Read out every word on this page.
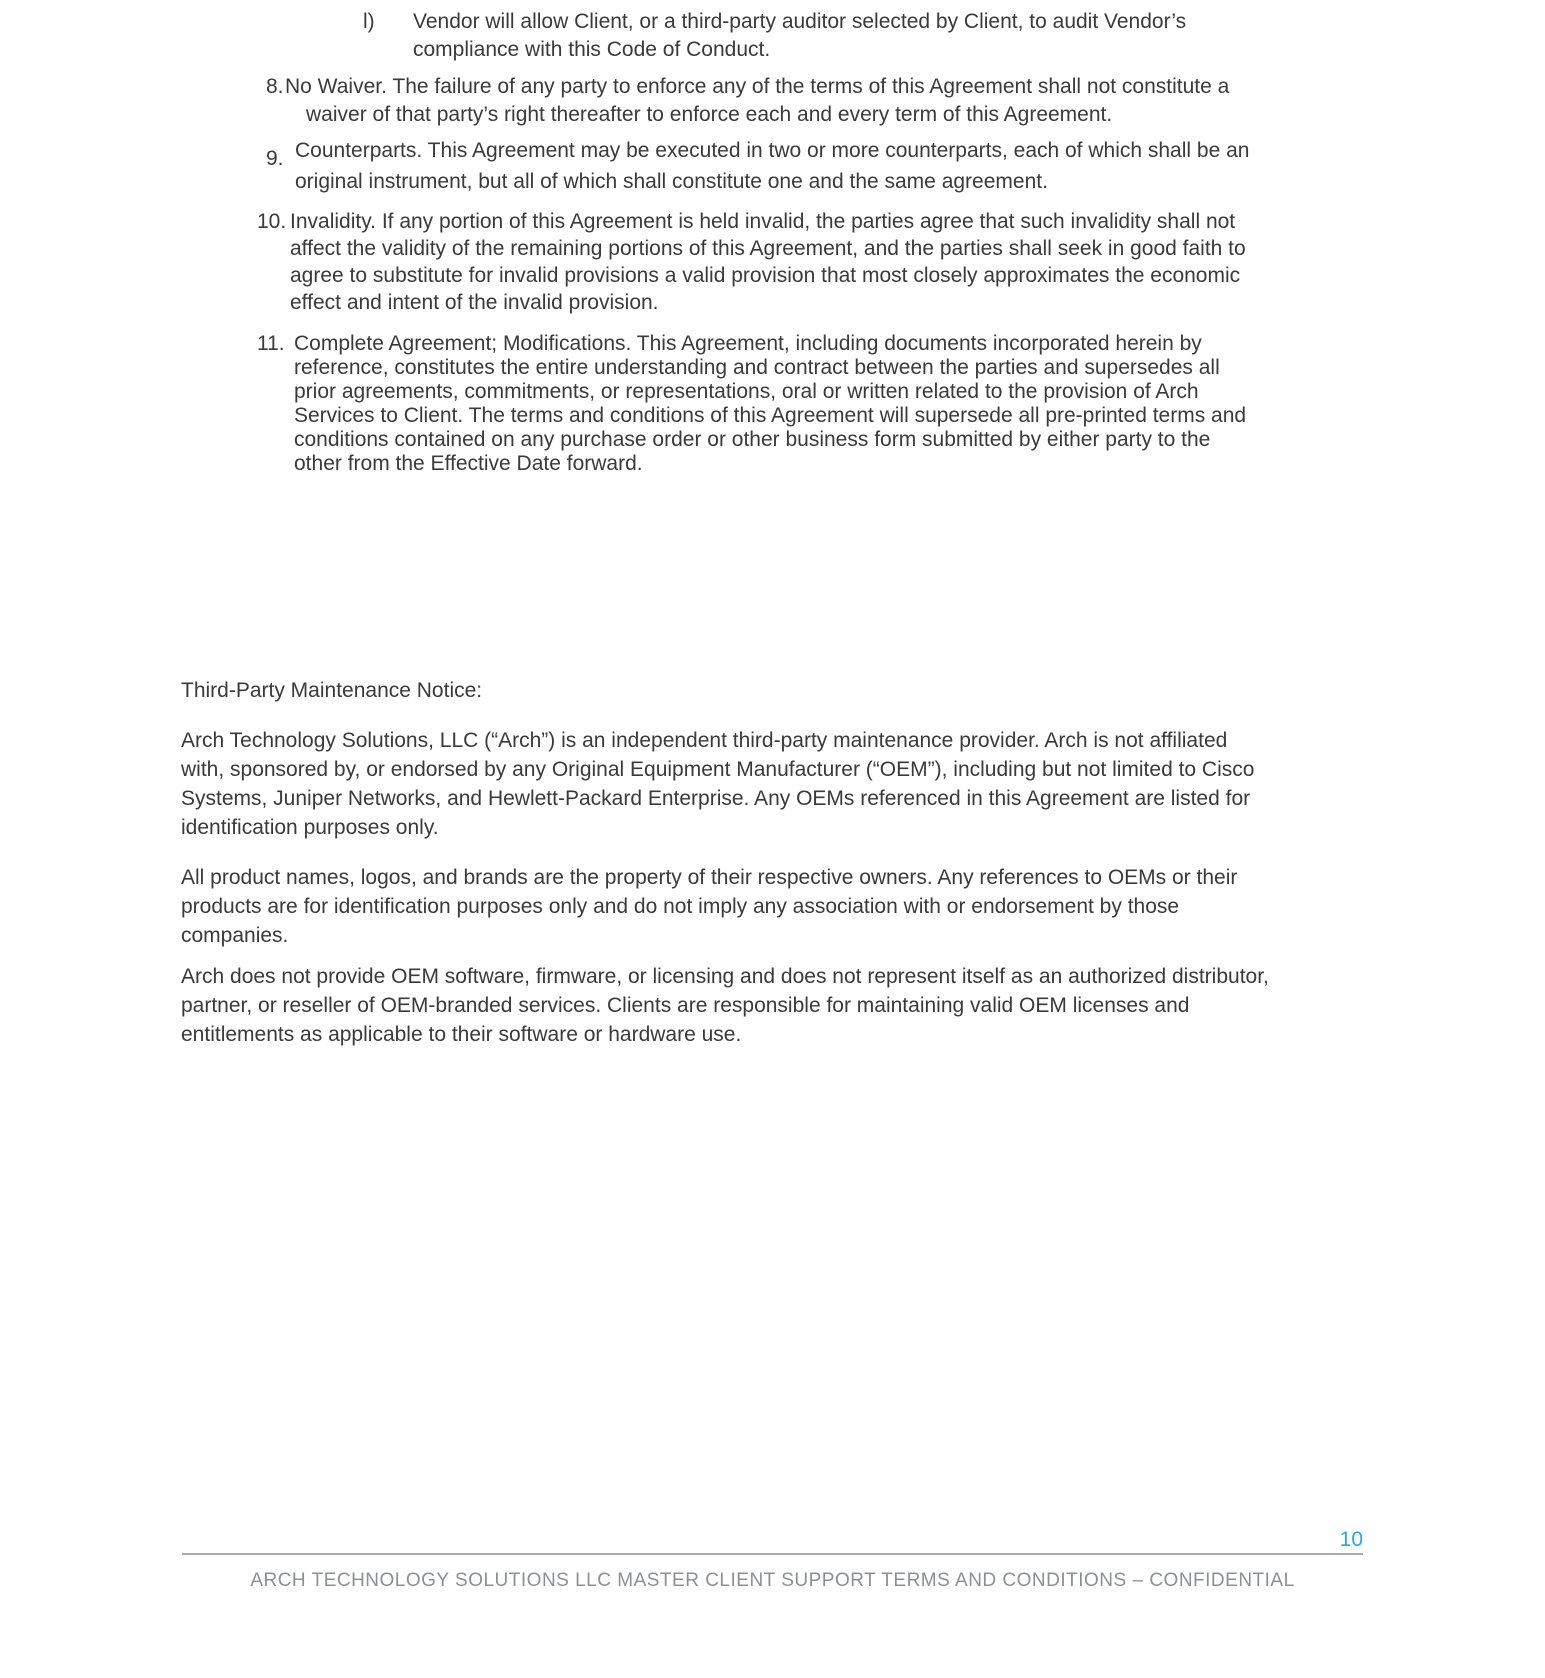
l)	Vendor will allow Client, or a third-party auditor selected by Client, to audit Vendor’s
compliance with this Code of Conduct.
8. No Waiver. The failure of any party to enforce any of the terms of this Agreement shall not constitute a
waiver of that party’s right thereafter to enforce each and every term of this Agreement.
9. Counterparts. This Agreement may be executed in two or more counterparts, each of which shall be an
original instrument, but all of which shall constitute one and the same agreement.
10. Invalidity. If any portion of this Agreement is held invalid, the parties agree that such invalidity shall not
affect the validity of the remaining portions of this Agreement, and the parties shall seek in good faith to
agree to substitute for invalid provisions a valid provision that most closely approximates the economic
effect and intent of the invalid provision.
11. Complete Agreement; Modifications. This Agreement, including documents incorporated herein by
reference, constitutes the entire understanding and contract between the parties and supersedes all
prior agreements, commitments, or representations, oral or written related to the provision of Arch
Services to Client. The terms and conditions of this Agreement will supersede all pre-printed terms and
conditions contained on any purchase order or other business form submitted by either party to the
other from the Effective Date forward.
Third-Party Maintenance Notice:
Arch Technology Solutions, LLC (“Arch”) is an independent third-party maintenance provider. Arch is not affiliated
with, sponsored by, or endorsed by any Original Equipment Manufacturer (“OEM”), including but not limited to Cisco
Systems, Juniper Networks, and Hewlett-Packard Enterprise. Any OEMs referenced in this Agreement are listed for
identification purposes only.
All product names, logos, and brands are the property of their respective owners. Any references to OEMs or their
products are for identification purposes only and do not imply any association with or endorsement by those
companies.
Arch does not provide OEM software, firmware, or licensing and does not represent itself as an authorized distributor,
partner, or reseller of OEM-branded services. Clients are responsible for maintaining valid OEM licenses and
entitlements as applicable to their software or hardware use.
10
ARCH TECHNOLOGY SOLUTIONS LLC MASTER CLIENT SUPPORT TERMS AND CONDITIONS – CONFIDENTIAL
